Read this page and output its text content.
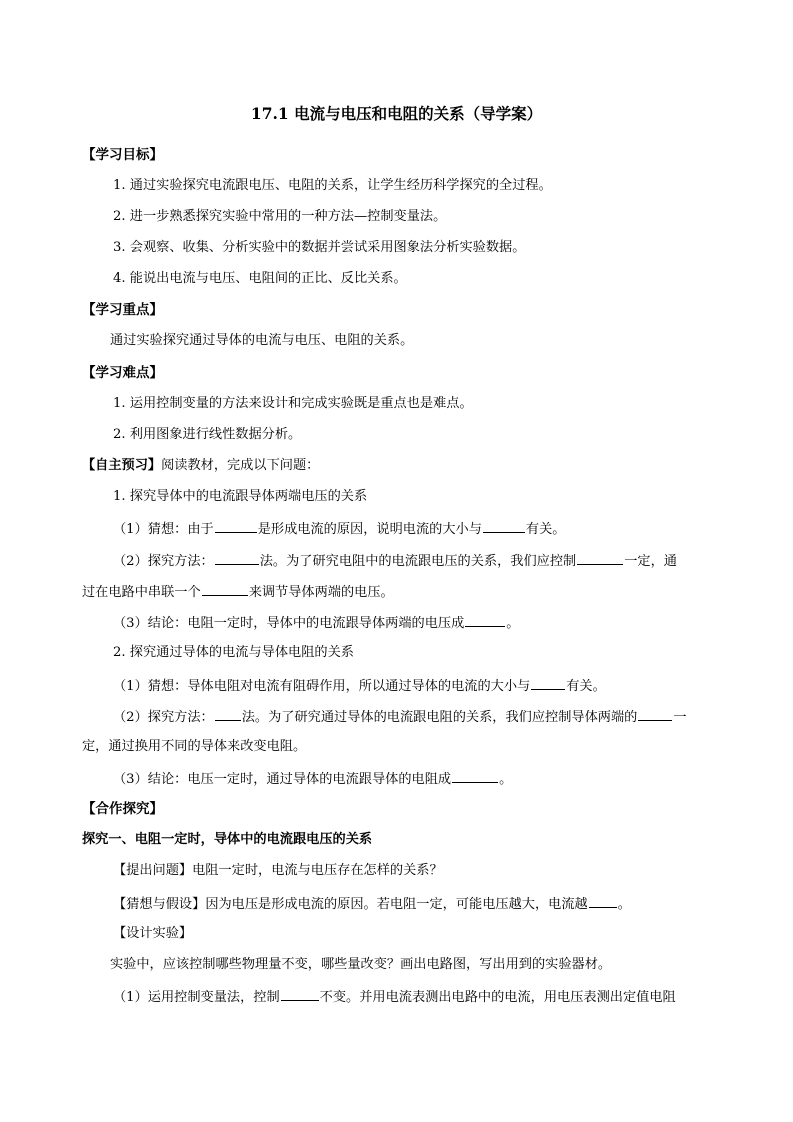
17.1 电流与电压和电阻的关系（导学案）
【学习目标】
1. 通过实验探究电流跟电压、电阻的关系，让学生经历科学探究的全过程。
2. 进一步熟悉探究实验中常用的一种方法—控制变量法。
3. 会观察、收集、分析实验中的数据并尝试采用图象法分析实验数据。
4. 能说出电流与电压、电阻间的正比、反比关系。
【学习重点】
通过实验探究通过导体的电流与电压、电阻的关系。
【学习难点】
1. 运用控制变量的方法来设计和完成实验既是重点也是难点。
2. 利用图象进行线性数据分析。
【自主预习】阅读教材，完成以下问题：
1. 探究导体中的电流跟导体两端电压的关系
（1）猜想：由于	是形成电流的原因，说明电流的大小与	有关。
（2）探究方法：	法。为了研究电阻中的电流跟电压的关系，我们应控制	一定，通
过在电路中串联一个	来调节导体两端的电压。
（3）结论：电阻一定时，导体中的电流跟导体两端的电压成	。
2. 探究通过导体的电流与导体电阻的关系
（1）猜想：导体电阻对电流有阻碍作用，所以通过导体的电流的大小与	有关。
（2）探究方法： 法。为了研究通过导体的电流跟电阻的关系，我们应控制导体两端的	一
定，通过换用不同的导体来改变电阻。
（3）结论：电压一定时，通过导体的电流跟导体的电阻成	。
【合作探究】
探究一、电阻一定时，导体中的电流跟电压的关系
【提出问题】电阻一定时，电流与电压存在怎样的关系？
【猜想与假设】因为电压是形成电流的原因。若电阻一定，可能电压越大，电流越 。
【设计实验】
实验中，应该控制哪些物理量不变，哪些量改变？画出电路图，写出用到的实验器材。
（1）运用控制变量法，控制	不变。并用电流表测出电路中的电流，用电压表测出定值电阻
